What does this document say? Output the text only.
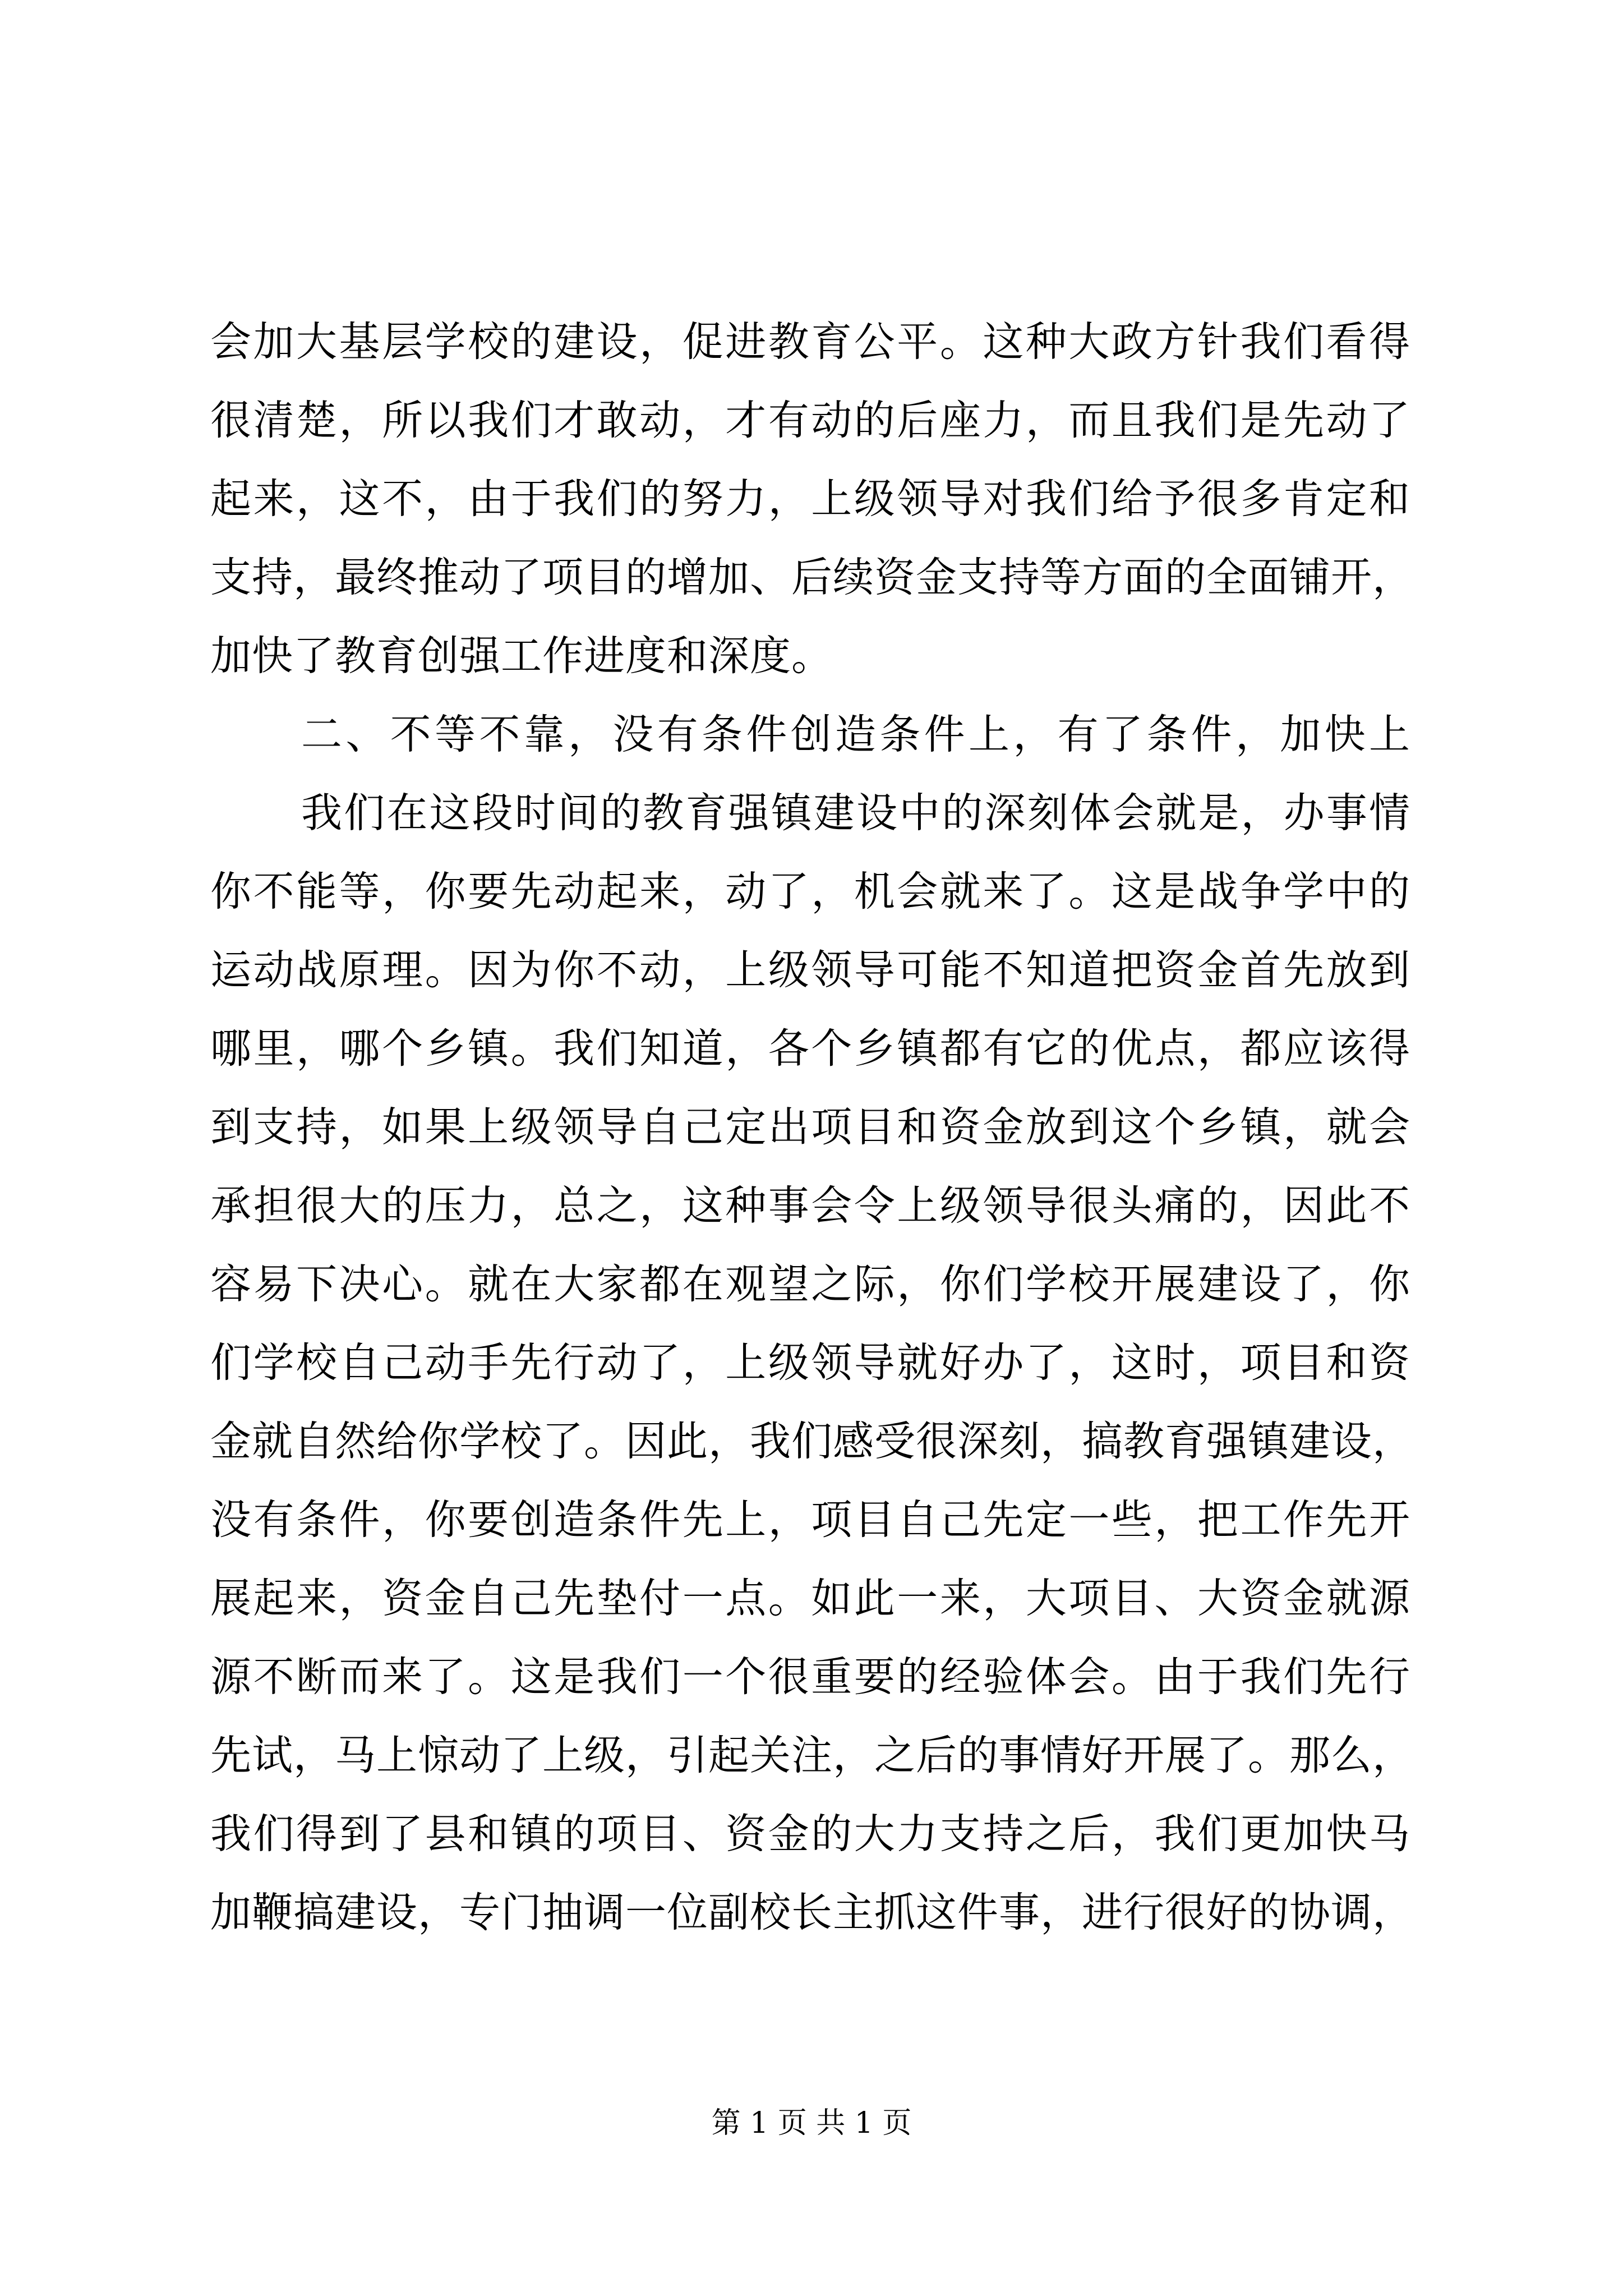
会加大基层学校的建设，促进教育公平。这种大政方针我们看得
很清楚，所以我们才敢动，才有动的后座力，而且我们是先动了
起来，这不，由于我们的努力，上级领导对我们给予很多肯定和
支持，最终推动了项目的增加、后续资金支持等方面的全面铺开，
加快了教育创强工作进度和深度。
二、不等不靠，没有条件创造条件上，有了条件，加快上
我们在这段时间的教育强镇建设中的深刻体会就是，办事情
你不能等，你要先动起来，动了，机会就来了。这是战争学中的
运动战原理。因为你不动，上级领导可能不知道把资金首先放到
哪里，哪个乡镇。我们知道，各个乡镇都有它的优点，都应该得
到支持，如果上级领导自己定出项目和资金放到这个乡镇，就会
承担很大的压力，总之，这种事会令上级领导很头痛的，因此不
容易下决心。就在大家都在观望之际，你们学校开展建设了，你
们学校自己动手先行动了，上级领导就好办了，这时，项目和资
金就自然给你学校了。因此，我们感受很深刻，搞教育强镇建设，
没有条件，你要创造条件先上，项目自己先定一些，把工作先开
展起来，资金自己先垫付一点。如此一来，大项目、大资金就源
源不断而来了。这是我们一个很重要的经验体会。由于我们先行
先试，马上惊动了上级，引起关注，之后的事情好开展了。那么，
我们得到了县和镇的项目、资金的大力支持之后，我们更加快马
加鞭搞建设，专门抽调一位副校长主抓这件事，进行很好的协调，
第 1 页 共 1 页
